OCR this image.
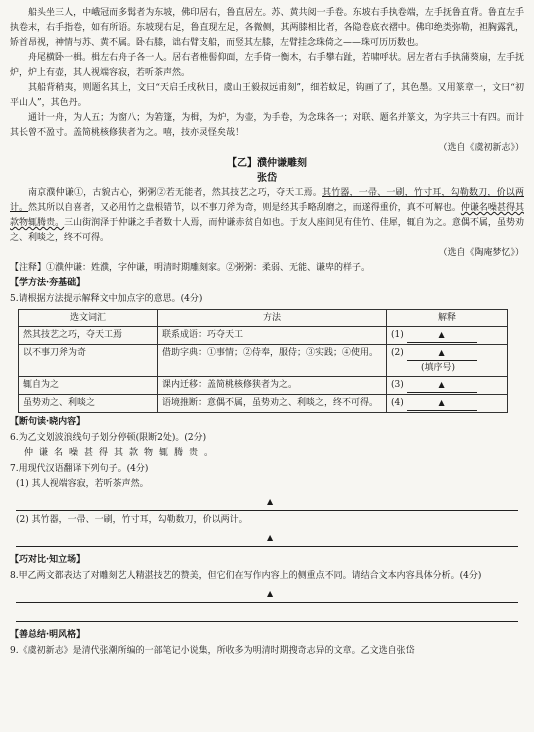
船头坐三人，中峨冠而多髯者为东坡，佛印居右，鲁直居左。苏、黄共阅一手卷。东坡右手执卷端，左手抚鲁直背。鲁直左手执卷末，右手指卷，如有所语。东坡现右足，鲁直现左足，各微侧，其两膝相比者，各隐卷底衣褶中。佛印绝类弥勒，袒胸露乳，矫首昂视，神情与苏、黄不属。卧右膝，诎右臂支船，而竖其左膝，左臂挂念珠倚之——珠可历历数也。

舟尾横卧一楫。楫左右舟子各一人。居右者椎髻仰面，左手倚一衡木，右手攀右趾，若啸呼状。居左者右手执蒲葵扇，左手抚炉，炉上有壶，其人视端容寂，若听茶声然。

其船背稍夷，则题名其上，文曰“天启壬戌秋日，虞山王毅叔远甫刻”，细若蚊足，钩画了了，其色墨。又用篆章一，文曰“初平山人”，其色丹。

通计一舟，为人五；为窗八；为箬篷，为楫，为炉，为壶，为手卷，为念珠各一；对联、题名并篆文，为字共三十有四。而计其长曾不盈寸。盖简桃核修狭者为之。嘻，技亦灵怪矣哉！

（选自《虞初新志》）

【乙】濮仲谦雕刻

张岱

南京濮仲谦①，古貌古心，粥粥②若无能者，然其技艺之巧，夺天工焉。其竹器，一帚、一刷，竹寸耳，勾勒数刀，价以两计。然其所以自喜者，又必用竹之盘根错节，以不事刀斧为奇，则是经其手略刮磨之，而遂得重价，真不可解也。仲谦名噪甚得其款物辄腾贵。三山街润泽于仲谦之手者数十人焉，而仲谦赤贫自如也。于友人座间见有佳竹、佳犀，辄自为之。意偶不属，虽势劝之、利啖之，终不可得。

（选自《陶庵梦忆》）

【注释】①濮仲谦：姓濮，字仲谦，明清时期雕刻家。②粥粥：柔弱、无能、谦卑的样子。

【学方法·夯基础】

5.请根据方法提示解释文中加点字的意思。(4分)

选文词汇	方法	解释
然其技艺之巧，夺天工焉	联系成语：巧夺天工	(1) ▲
以不事刀斧为奇	借助字典：①事情；②侍奉，服侍；③实践；④使用。	(2) ▲
(填序号)
辄自为之	课内迁移：盖简桃核修狭者为之。	(3) ▲
虽势劝之、利啖之	语境推断：意偶不属，虽势劝之、利啖之，终不可得。	(4) ▲

【断句读·晓内容】

6.为乙文划波浪线句子划分停顿(限断2处)。(2分)

仲谦名噪甚得其款物辄腾贵。

7.用现代汉语翻译下列句子。(4分)

(1) 其人视端容寂，若听茶声然。

▲

(2) 其竹器，一帚、一刷，竹寸耳，勾勒数刀，价以两计。

▲

【巧对比·知立场】

8.甲乙两文都表达了对雕刻艺人精湛技艺的赞美，但它们在写作内容上的侧重点不同。请结合文本内容具体分析。(4分)

▲

【善总结·明风格】

9.《虞初新志》是清代张潮所编的一部笔记小说集，所收多为明清时期搜奇志异的文章。乙文选自张岱
